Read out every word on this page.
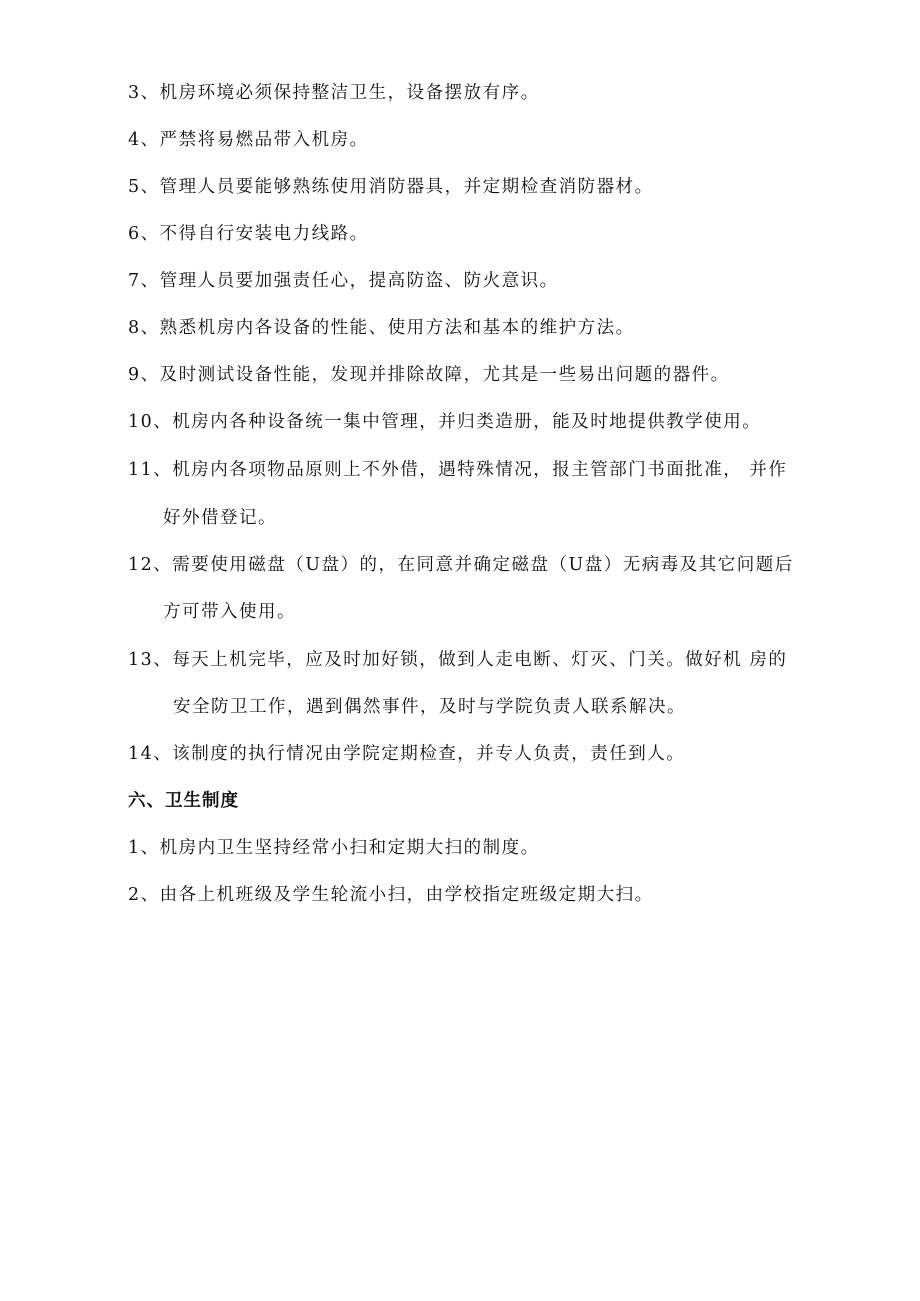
3、机房环境必须保持整洁卫生，设备摆放有序。
4、严禁将易燃品带入机房。
5、管理人员要能够熟练使用消防器具，并定期检查消防器材。
6、不得自行安装电力线路。
7、管理人员要加强责任心，提高防盗、防火意识。
8、熟悉机房内各设备的性能、使用方法和基本的维护方法。
9、及时测试设备性能，发现并排除故障，尤其是一些易出问题的器件。
10、机房内各种设备统一集中管理，并归类造册，能及时地提供教学使用。
11、机房内各项物品原则上不外借，遇特殊情况，报主管部门书面批准， 并作
好外借登记。
12、需要使用磁盘（U盘）的，在同意并确定磁盘（U盘）无病毒及其它问题后
方可带入使用。
13、每天上机完毕，应及时加好锁，做到人走电断、灯灭、门关。做好机 房的
安全防卫工作，遇到偶然事件，及时与学院负责人联系解决。
14、该制度的执行情况由学院定期检查，并专人负责，责任到人。
六、卫生制度
1、机房内卫生坚持经常小扫和定期大扫的制度。
2、由各上机班级及学生轮流小扫，由学校指定班级定期大扫。
